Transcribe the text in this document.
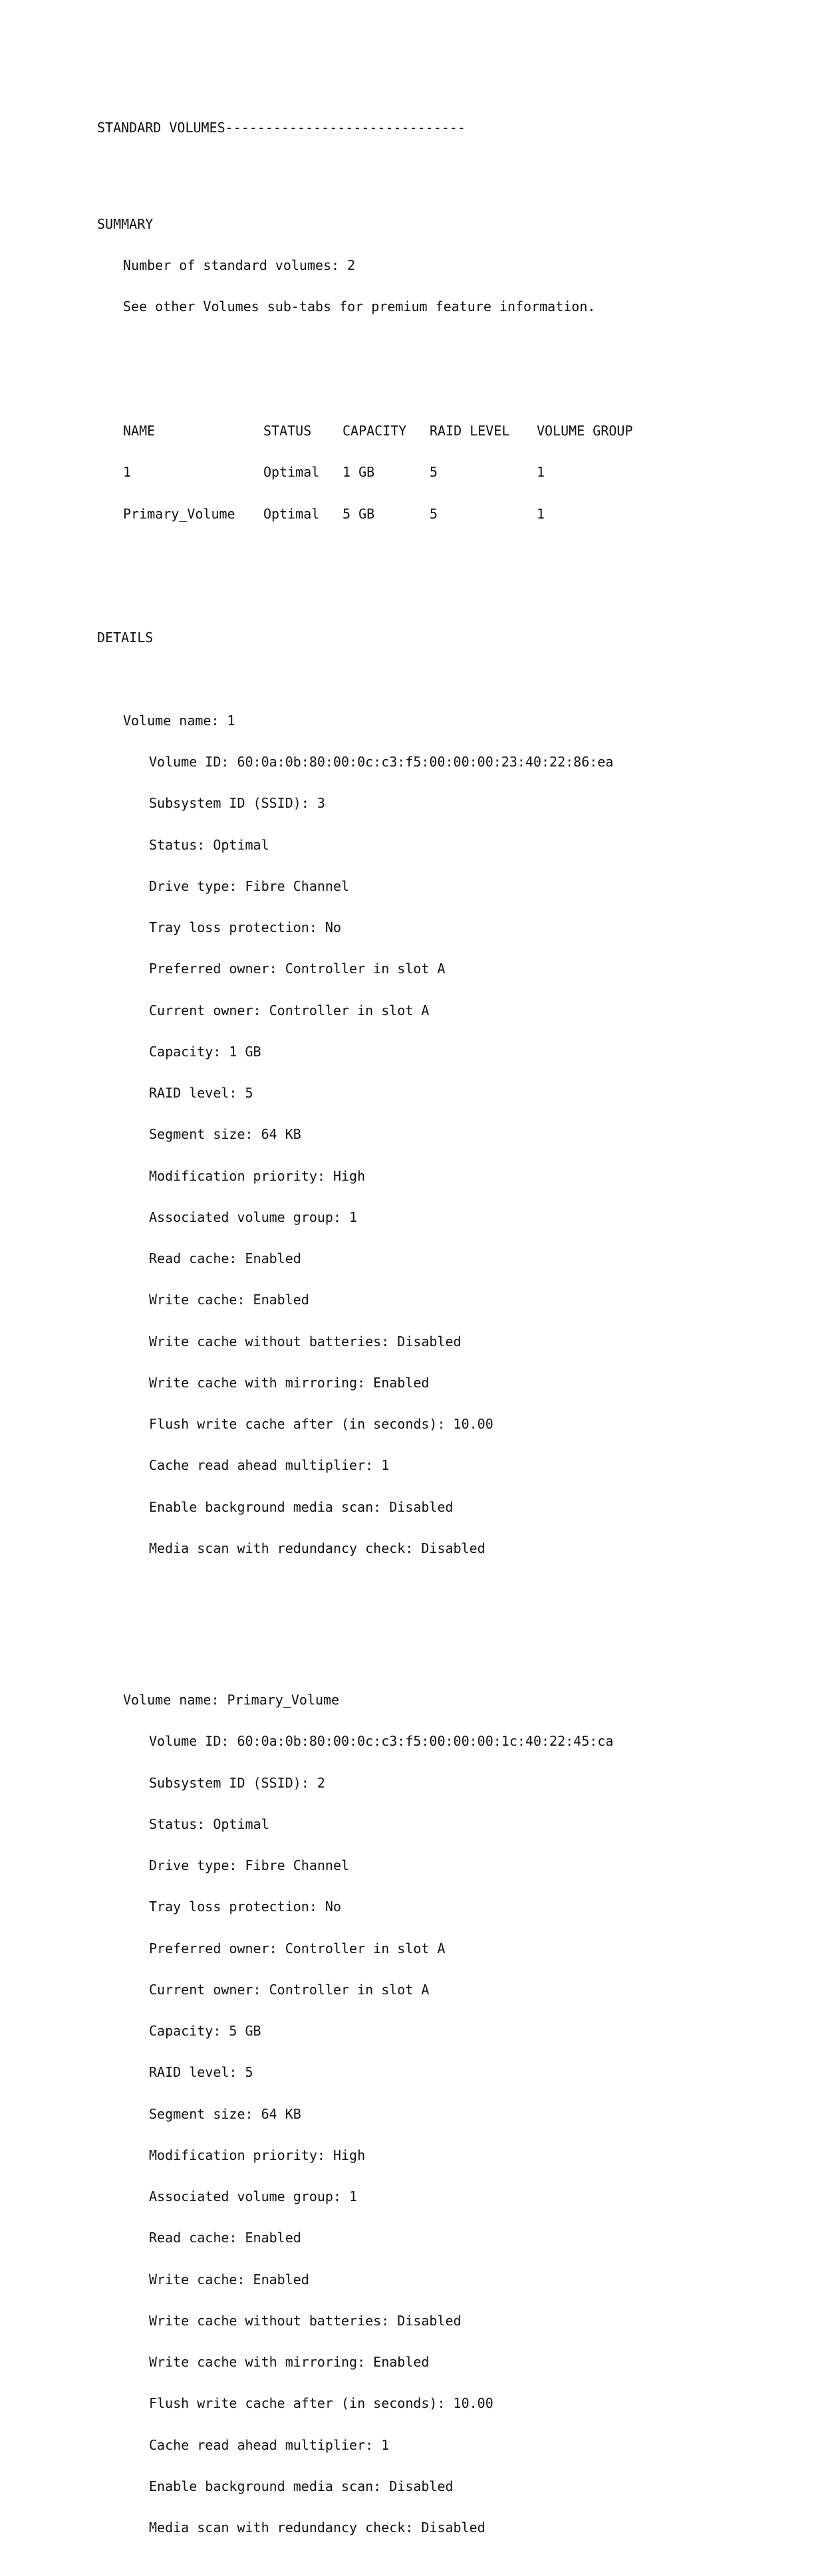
STANDARD VOLUMES------------------------------

SUMMARY

Number of standard volumes: 2

See other Volumes sub-tabs for premium feature information.

NAME	STATUS	CAPACITY	RAID LEVEL	VOLUME GROUP

1	Optimal	1 GB	5	1

Primary_Volume	Optimal	5 GB	5	1

DETAILS

Volume name: 1

Volume ID: 60:0a:0b:80:00:0c:c3:f5:00:00:00:23:40:22:86:ea

Subsystem ID (SSID): 3

Status: Optimal

Drive type: Fibre Channel

Tray loss protection: No

Preferred owner: Controller in slot A

Current owner: Controller in slot A

Capacity: 1 GB

RAID level: 5

Segment size: 64 KB

Modification priority: High

Associated volume group: 1

Read cache: Enabled

Write cache: Enabled

Write cache without batteries: Disabled

Write cache with mirroring: Enabled

Flush write cache after (in seconds): 10.00

Cache read ahead multiplier: 1

Enable background media scan: Disabled

Media scan with redundancy check: Disabled

Volume name: Primary_Volume

Volume ID: 60:0a:0b:80:00:0c:c3:f5:00:00:00:1c:40:22:45:ca

Subsystem ID (SSID): 2

Status: Optimal

Drive type: Fibre Channel

Tray loss protection: No

Preferred owner: Controller in slot A

Current owner: Controller in slot A

Capacity: 5 GB

RAID level: 5

Segment size: 64 KB

Modification priority: High

Associated volume group: 1

Read cache: Enabled

Write cache: Enabled

Write cache without batteries: Disabled

Write cache with mirroring: Enabled

Flush write cache after (in seconds): 10.00

Cache read ahead multiplier: 1

Enable background media scan: Disabled

Media scan with redundancy check: Disabled
